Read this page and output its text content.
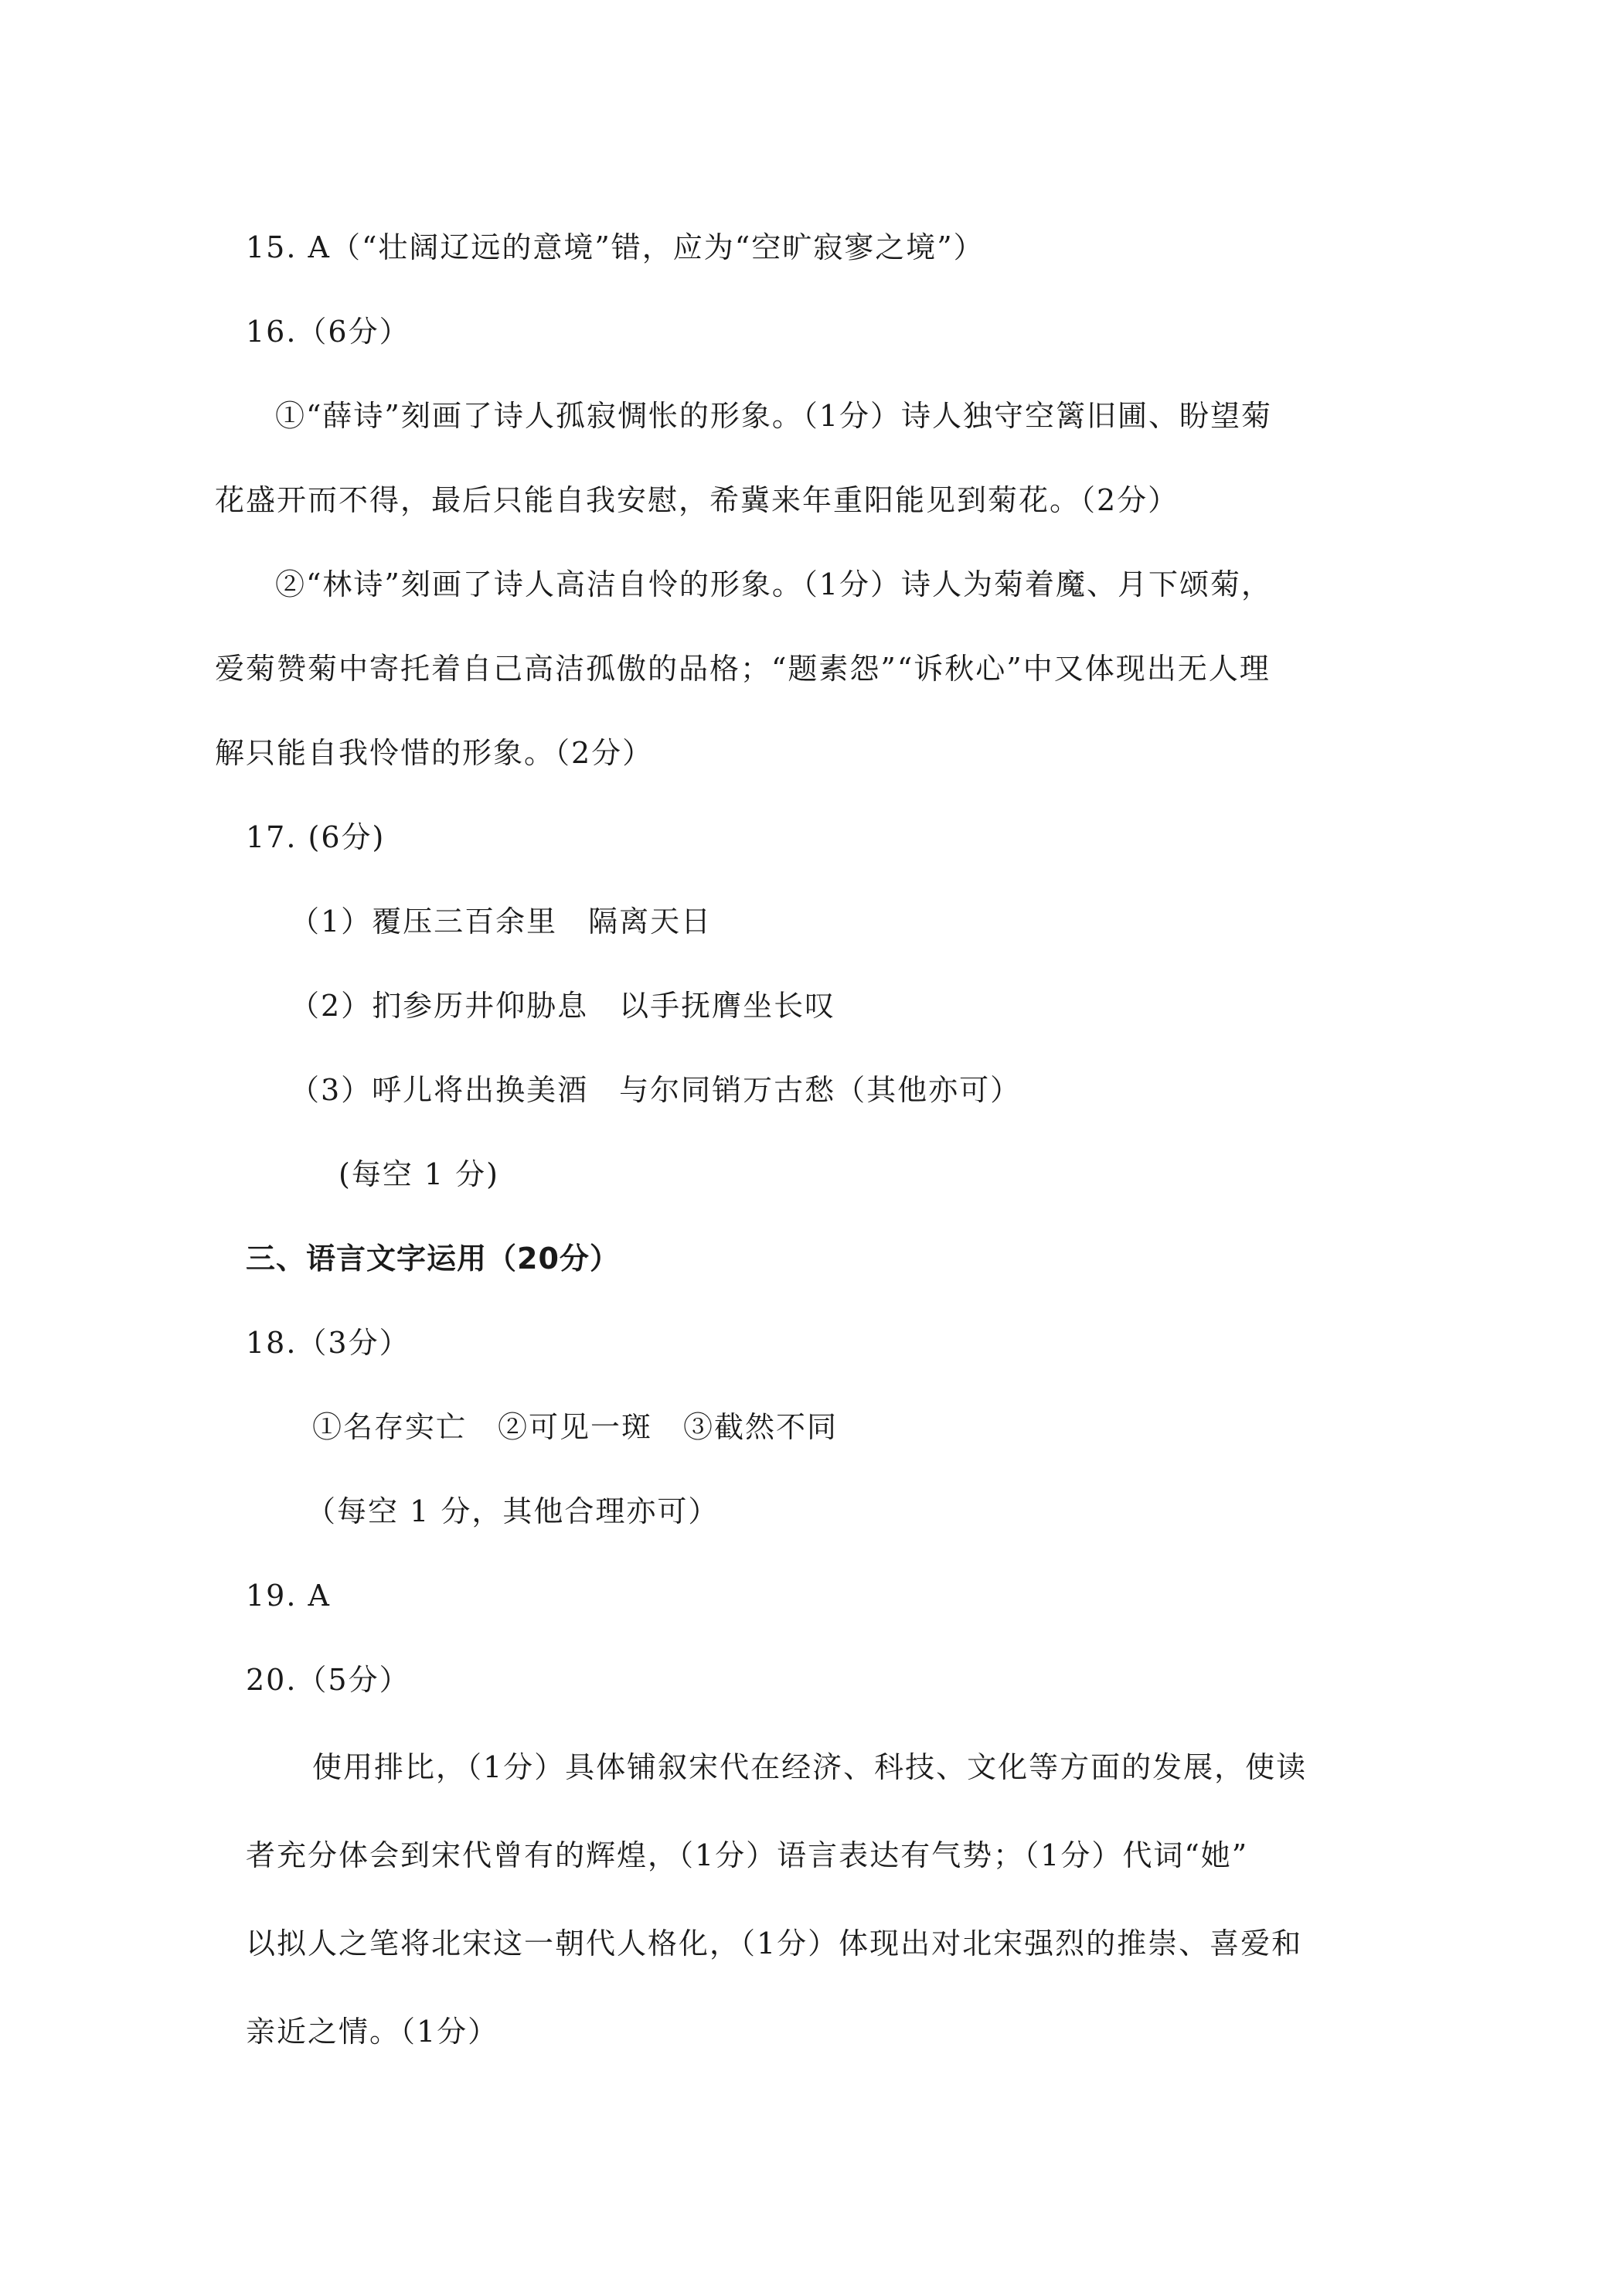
15. A（“壮阔辽远的意境”错，应为“空旷寂寥之境”）
16.（6分）
①“薛诗”刻画了诗人孤寂惆怅的形象。（1分）诗人独守空篱旧圃、盼望菊
花盛开而不得，最后只能自我安慰，希冀来年重阳能见到菊花。（2分）
②“林诗”刻画了诗人高洁自怜的形象。（1分）诗人为菊着魔、月下颂菊，
爱菊赞菊中寄托着自己高洁孤傲的品格；“题素怨”“诉秋心”中又体现出无人理
解只能自我怜惜的形象。（2分）
17. (6分)
（1）覆压三百余里　隔离天日
（2）扪参历井仰胁息　以手抚膺坐长叹
（3）呼儿将出换美酒　与尔同销万古愁（其他亦可）
(每空 1 分)
三、语言文字运用（20分）
18.（3分）
①名存实亡　②可见一斑　③截然不同
（每空 1 分，其他合理亦可）
19. A
20.（5分）
使用排比，（1分）具体铺叙宋代在经济、科技、文化等方面的发展，使读
者充分体会到宋代曾有的辉煌，（1分）语言表达有气势；（1分）代词“她”
以拟人之笔将北宋这一朝代人格化，（1分）体现出对北宋强烈的推崇、喜爱和
亲近之情。（1分）
